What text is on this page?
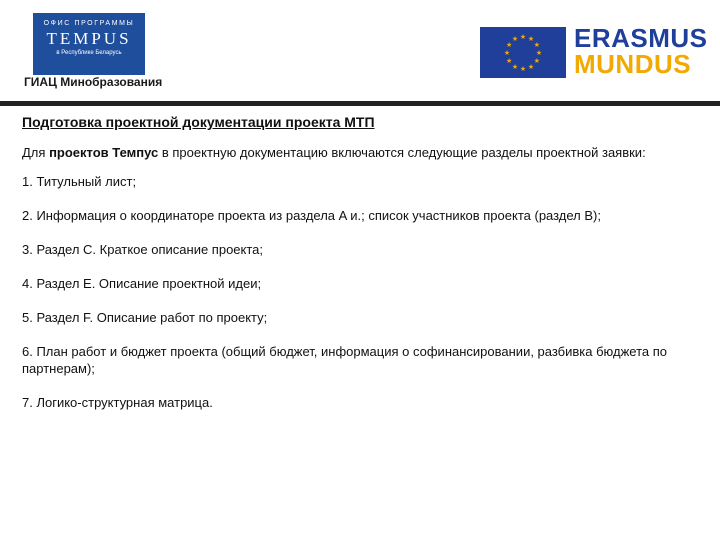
ОФИС ПРОГРАММЫ
TEMPUS
в Республике Беларусь
ГИАЦ Минобразования
★ ★
★
★
★
★
★
★
★
★
★
★ ERASMUS
MUNDUS
Подготовка проектной документации проекта МТП

Для проектов Темпус в проектную документацию включаются следующие разделы проектной заявки:

1. Титульный лист;

2. Информация о координаторе проекта из раздела A и.; список участников проекта (раздел B);

3. Раздел C. Краткое описание проекта;

4. Раздел E. Описание проектной идеи;

5. Раздел F. Описание работ по проекту;

6. План работ и бюджет проекта (общий бюджет, информация о софинансировании, разбивка бюджета по партнерам);

7. Логико-структурная матрица.
